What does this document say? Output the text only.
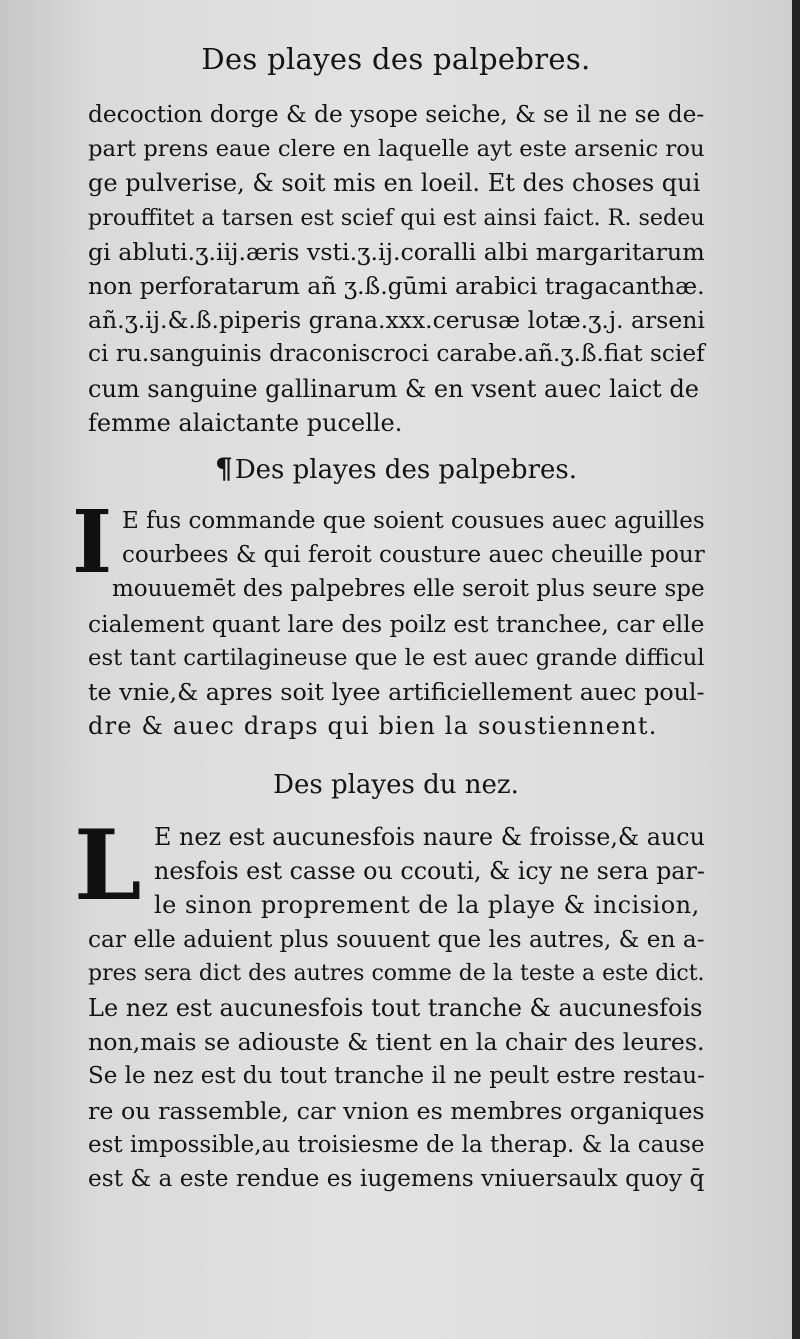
Des playes des palpebres.
decoction dorge & de ysope seiche, & se il ne se de-
part prens eaue clere en laquelle ayt este arsenic rou
ge pulverise, & soit mis en loeil. Et des choses qui
prouffitet a tarsen est scief qui est ainsi faict. R. sedeu
gi abluti.ʒ.iij.æris vsti.ʒ.ij.coralli albi margaritarum
non perforatarum añ ʒ.ß.gūmi arabici tragacanthæ.
añ.ʒ.ij.&.ß.piperis grana.xxx.cerusæ lotæ.ʒ.j. arseni
ci ru.sanguinis draconiscroci carabe.añ.ʒ.ß.fiat scief
cum sanguine gallinarum & en vsent auec laict de
femme alaictante pucelle.
¶Des playes des palpebres.
I E fus commande que soient cousues auec aguilles
courbees & qui feroit cousture auec cheuille pour
mouuemēt des palpebres elle seroit plus seure spe
cialement quant lare des poilz est tranchee, car elle
est tant cartilagineuse que le est auec grande difficul
te vnie,& apres soit lyee artificiellement auec poul-
dre & auec draps qui bien la soustiennent.
Des playes du nez.
L E nez est aucunesfois naure & froisse,& aucu
nesfois est casse ou ccouti, & icy ne sera par-
le sinon proprement de la playe & incision,
car elle aduient plus souuent que les autres, & en a-
pres sera dict des autres comme de la teste a este dict.
Le nez est aucunesfois tout tranche & aucunesfois
non,mais se adiouste & tient en la chair des leures.
Se le nez est du tout tranche il ne peult estre restau-
re ou rassemble, car vnion es membres organiques
est impossible,au troisiesme de la therap. & la cause
est & a este rendue es iugemens vniuersaulx quoy q̄
